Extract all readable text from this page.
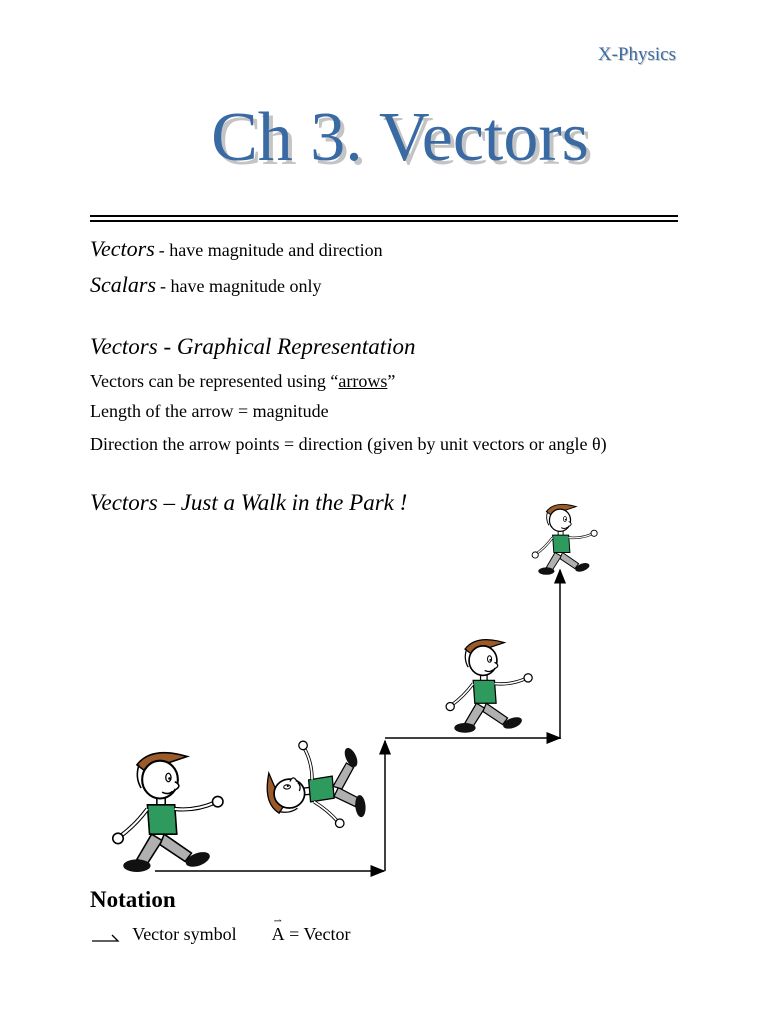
X-Physics
Ch 3. Vectors
Vectors - have magnitude and direction
Scalars - have magnitude only
Vectors - Graphical Representation
Vectors can be represented using “arrows”
Length of the arrow = magnitude
Direction the arrow points = direction (given by unit vectors or angle θ)
Vectors – Just a Walk in the Park !
Notation
Vector symbol
⇀
A = Vector
